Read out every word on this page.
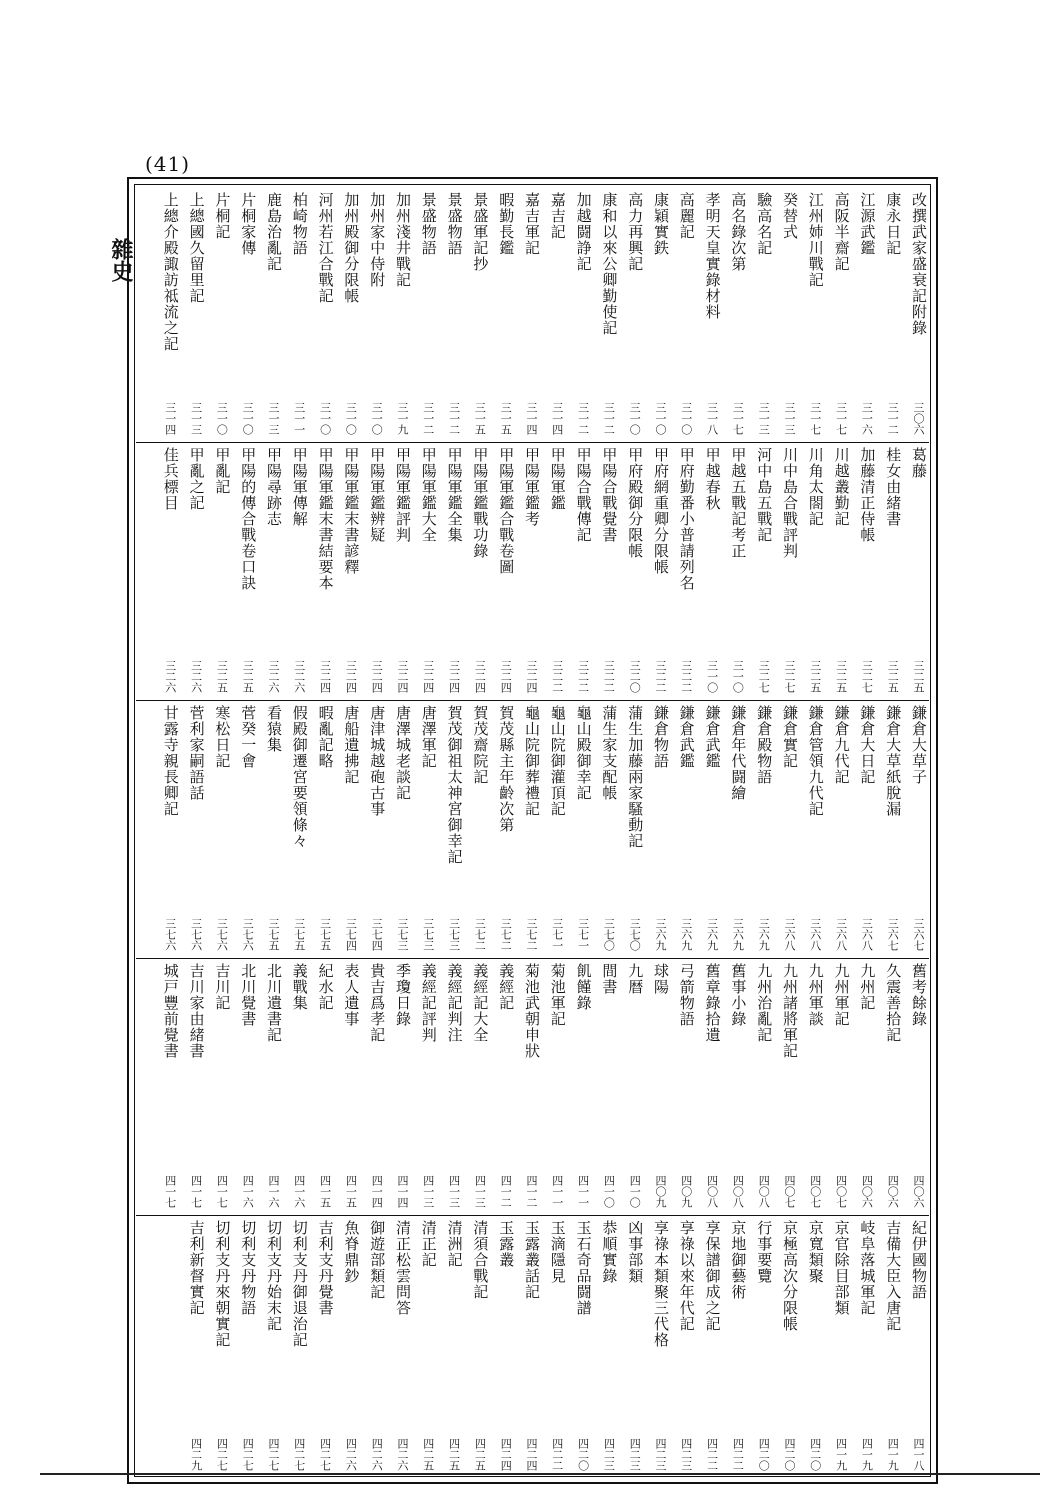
(41)
雜史	改撰武家盛衰記附錄
三〇六
康永日記
三一二
江源武鑑
三一六
高阪半齋記
三一七
江州姉川戰記
三一七
癸替式
三一三
驗高名記
三一三
高名錄次第
三一七
孝明天皇實錄材料
三一八
高麗記
三一〇
康穎實鉄
三一〇
高力再興記
三一〇
康和以來公卿勤使記
三一二
加越闘諍記
三一二
嘉吉記
三一四
嘉吉軍記
三一四
暇勤長鑑
三一五
景盛軍記抄
三一五
景盛物語
三一二
景盛物語
三一二
加州淺井戰記
三一九
加州家中侍附
三一〇
加州殿御分限帳
三一〇
河州若江合戰記
三一〇
柏崎物語
三一一
鹿島治亂記
三一三
片桐家傳
三一〇
片桐記
三一〇
上總國久留里記
三一三
上總介殿諏訪祗流之記
三一四
葛藤
三二五
桂女由緒書
三二五
加藤清正侍帳
三二七
川越叢勤記
三二五
川角太閤記
三二五
川中島合戰評判
三二七
河中島五戰記
三二七
甲越五戰記考正
三一〇
甲越春秋
三一〇
甲府勤番小普請列名
三二二
甲府網重卿分限帳
三二二
甲府殿御分限帳
三二〇
甲陽合戰覺書
三二二
甲陽合戰傳記
三二二
甲陽軍鑑
三二二
甲陽軍鑑考
三二四
甲陽軍鑑合戰卷圖
三二四
甲陽軍鑑戰功錄
三二四
甲陽軍鑑全集
三二四
甲陽軍鑑大全
三二四
甲陽軍鑑評判
三二四
甲陽軍鑑辨疑
三二四
甲陽軍鑑末書諺釋
三二四
甲陽軍鑑末書結要本
三二四
甲陽軍傳解
三二六
甲陽尋跡志
三二六
甲陽的傳合戰卷口訣
三二五
甲亂記
三二五
甲亂之記
三二六
佳兵標目
三二六
鎌倉大草子
三六七
鎌倉大草紙脫漏
三六七
鎌倉大日記
三六八
鎌倉九代記
三六八
鎌倉管領九代記
三六八
鎌倉實記
三六八
鎌倉殿物語
三六九
鎌倉年代闘繪
三六九
鎌倉武鑑
三六九
鎌倉武鑑
三六九
鎌倉物語
三六九
蒲生加藤兩家騷動記
三七〇
蒲生家支配帳
三七〇
龜山殿御幸記
三七一
龜山院御灌頂記
三七一
龜山院御葬禮記
三七二
賀茂縣主年齡次第
三七二
賀茂齋院記
三七二
賀茂御祖太神宮御幸記
三七三
唐澤軍記
三七三
唐澤城老談記
三七三
唐津城越砲古事
三七四
唐船遺拂記
三七四
暇亂記略
三七五
假殿御遷宮要領條々
三七五
看猿集
三七五
菅癸一會
三七六
寒松日記
三七六
菅利家嗣語話
三七六
甘露寺親長卿記
三七六
舊考餘錄
四〇六
久震善拾記
四〇六
九州記
四〇六
九州軍記
四〇七
九州軍談
四〇七
九州諸將軍記
四〇七
九州治亂記
四〇八
舊事小錄
四〇八
舊章錄拾遺
四〇八
弓箭物語
四〇九
球陽
四〇九
九暦
四一〇
間書
四一〇
飢饉錄
四一一
菊池軍記
四一一
菊池武朝申狀
四一二
義經記
四一二
義經記大全
四一三
義經記判注
四一三
義經記評判
四一三
季瓊日錄
四一四
貴吉爲孝記
四一四
表人遺事
四一五
紀水記
四一五
義戰集
四一六
北川遺書記
四一六
北川覺書
四一六
吉川記
四一七
吉川家由緒書
四一七
城戸豐前覺書
四一七
紀伊國物語
四一八
吉備大臣入唐記
四一九
岐阜落城軍記
四一九
京官除目部類
四一九
京寬類聚
四二〇
京極高次分限帳
四二〇
行事要覽
四二〇
京地御藝術
四二二
享保譜御成之記
四二二
享祿以來年代記
四二三
享祿本類聚三代格
四二三
凶事部類
四二三
恭順實錄
四二三
玉石奇品闘譜
四二〇
玉滴隱見
四二二
玉露叢話記
四二四
玉露叢
四二四
清須合戰記
四二五
清洲記
四二五
清正記
四二五
清正松雲問答
四二六
御遊部類記
四二六
魚脊鼎鈔
四二六
吉利支丹覺書
四二七
切利支丹御退治記
四二七
切利支丹始末記
四二七
切利支丹物語
四二七
切利支丹來朝實記
四二七
吉利新督實記
四二九
